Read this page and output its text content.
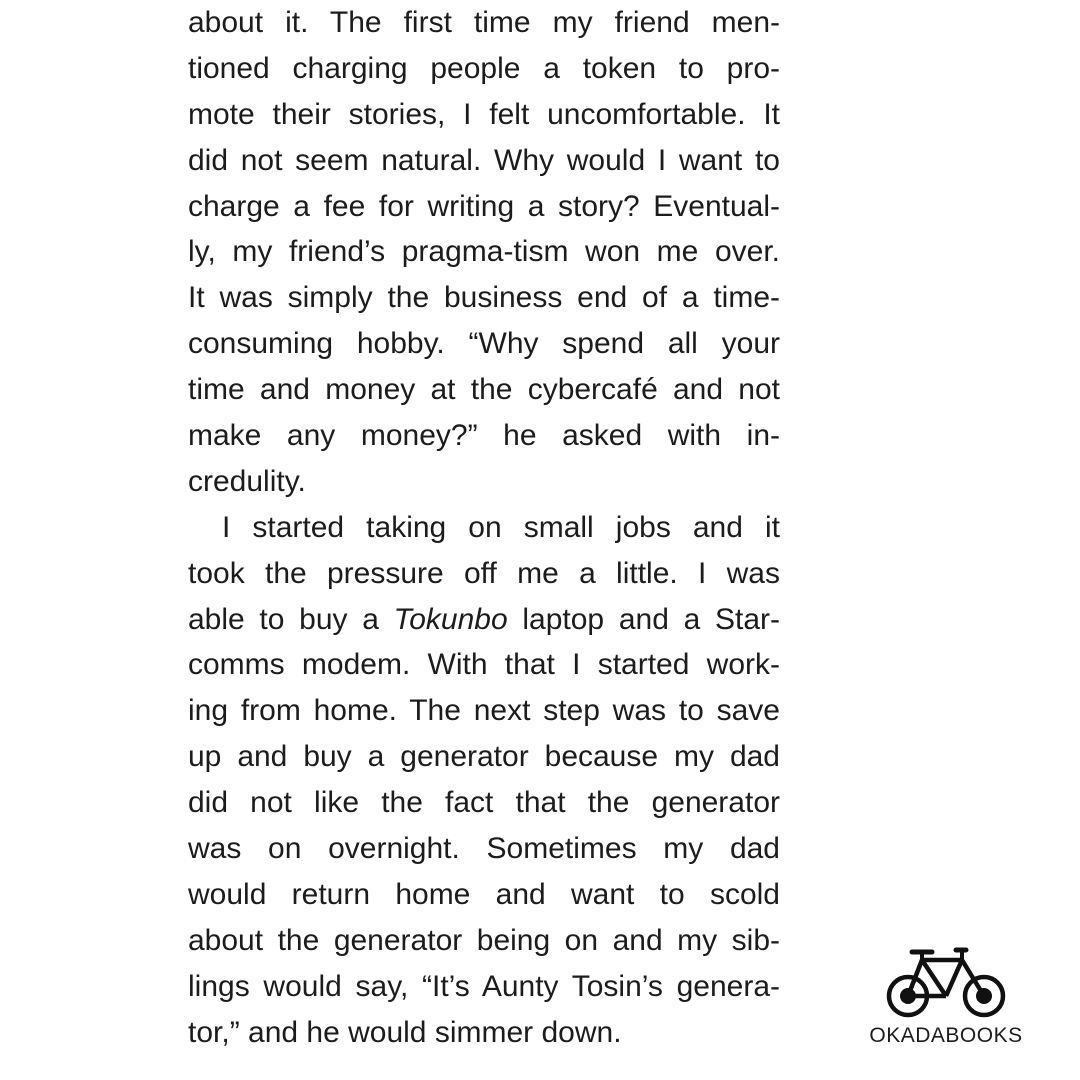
about it. The first time my friend men-
tioned charging people a token to pro-
mote their stories, I felt uncomfortable. It
did not seem natural. Why would I want to
charge a fee for writing a story? Eventual-
ly, my friend’s pragma-tism won me over.
It was simply the business end of a time-
consuming hobby. “Why spend all your
time and money at the cybercafé and not
make any money?” he asked with in-
credulity.
I started taking on small jobs and it
took the pressure off me a little. I was
able to buy a Tokunbo laptop and a Star-
comms modem. With that I started work-
ing from home. The next step was to save
up and buy a generator because my dad
did not like the fact that the generator
was on overnight. Sometimes my dad
would return home and want to scold
about the generator being on and my sib-
lings would say, “It’s Aunty Tosin’s genera-
tor,” and he would simmer down.	OKADABOOKS
